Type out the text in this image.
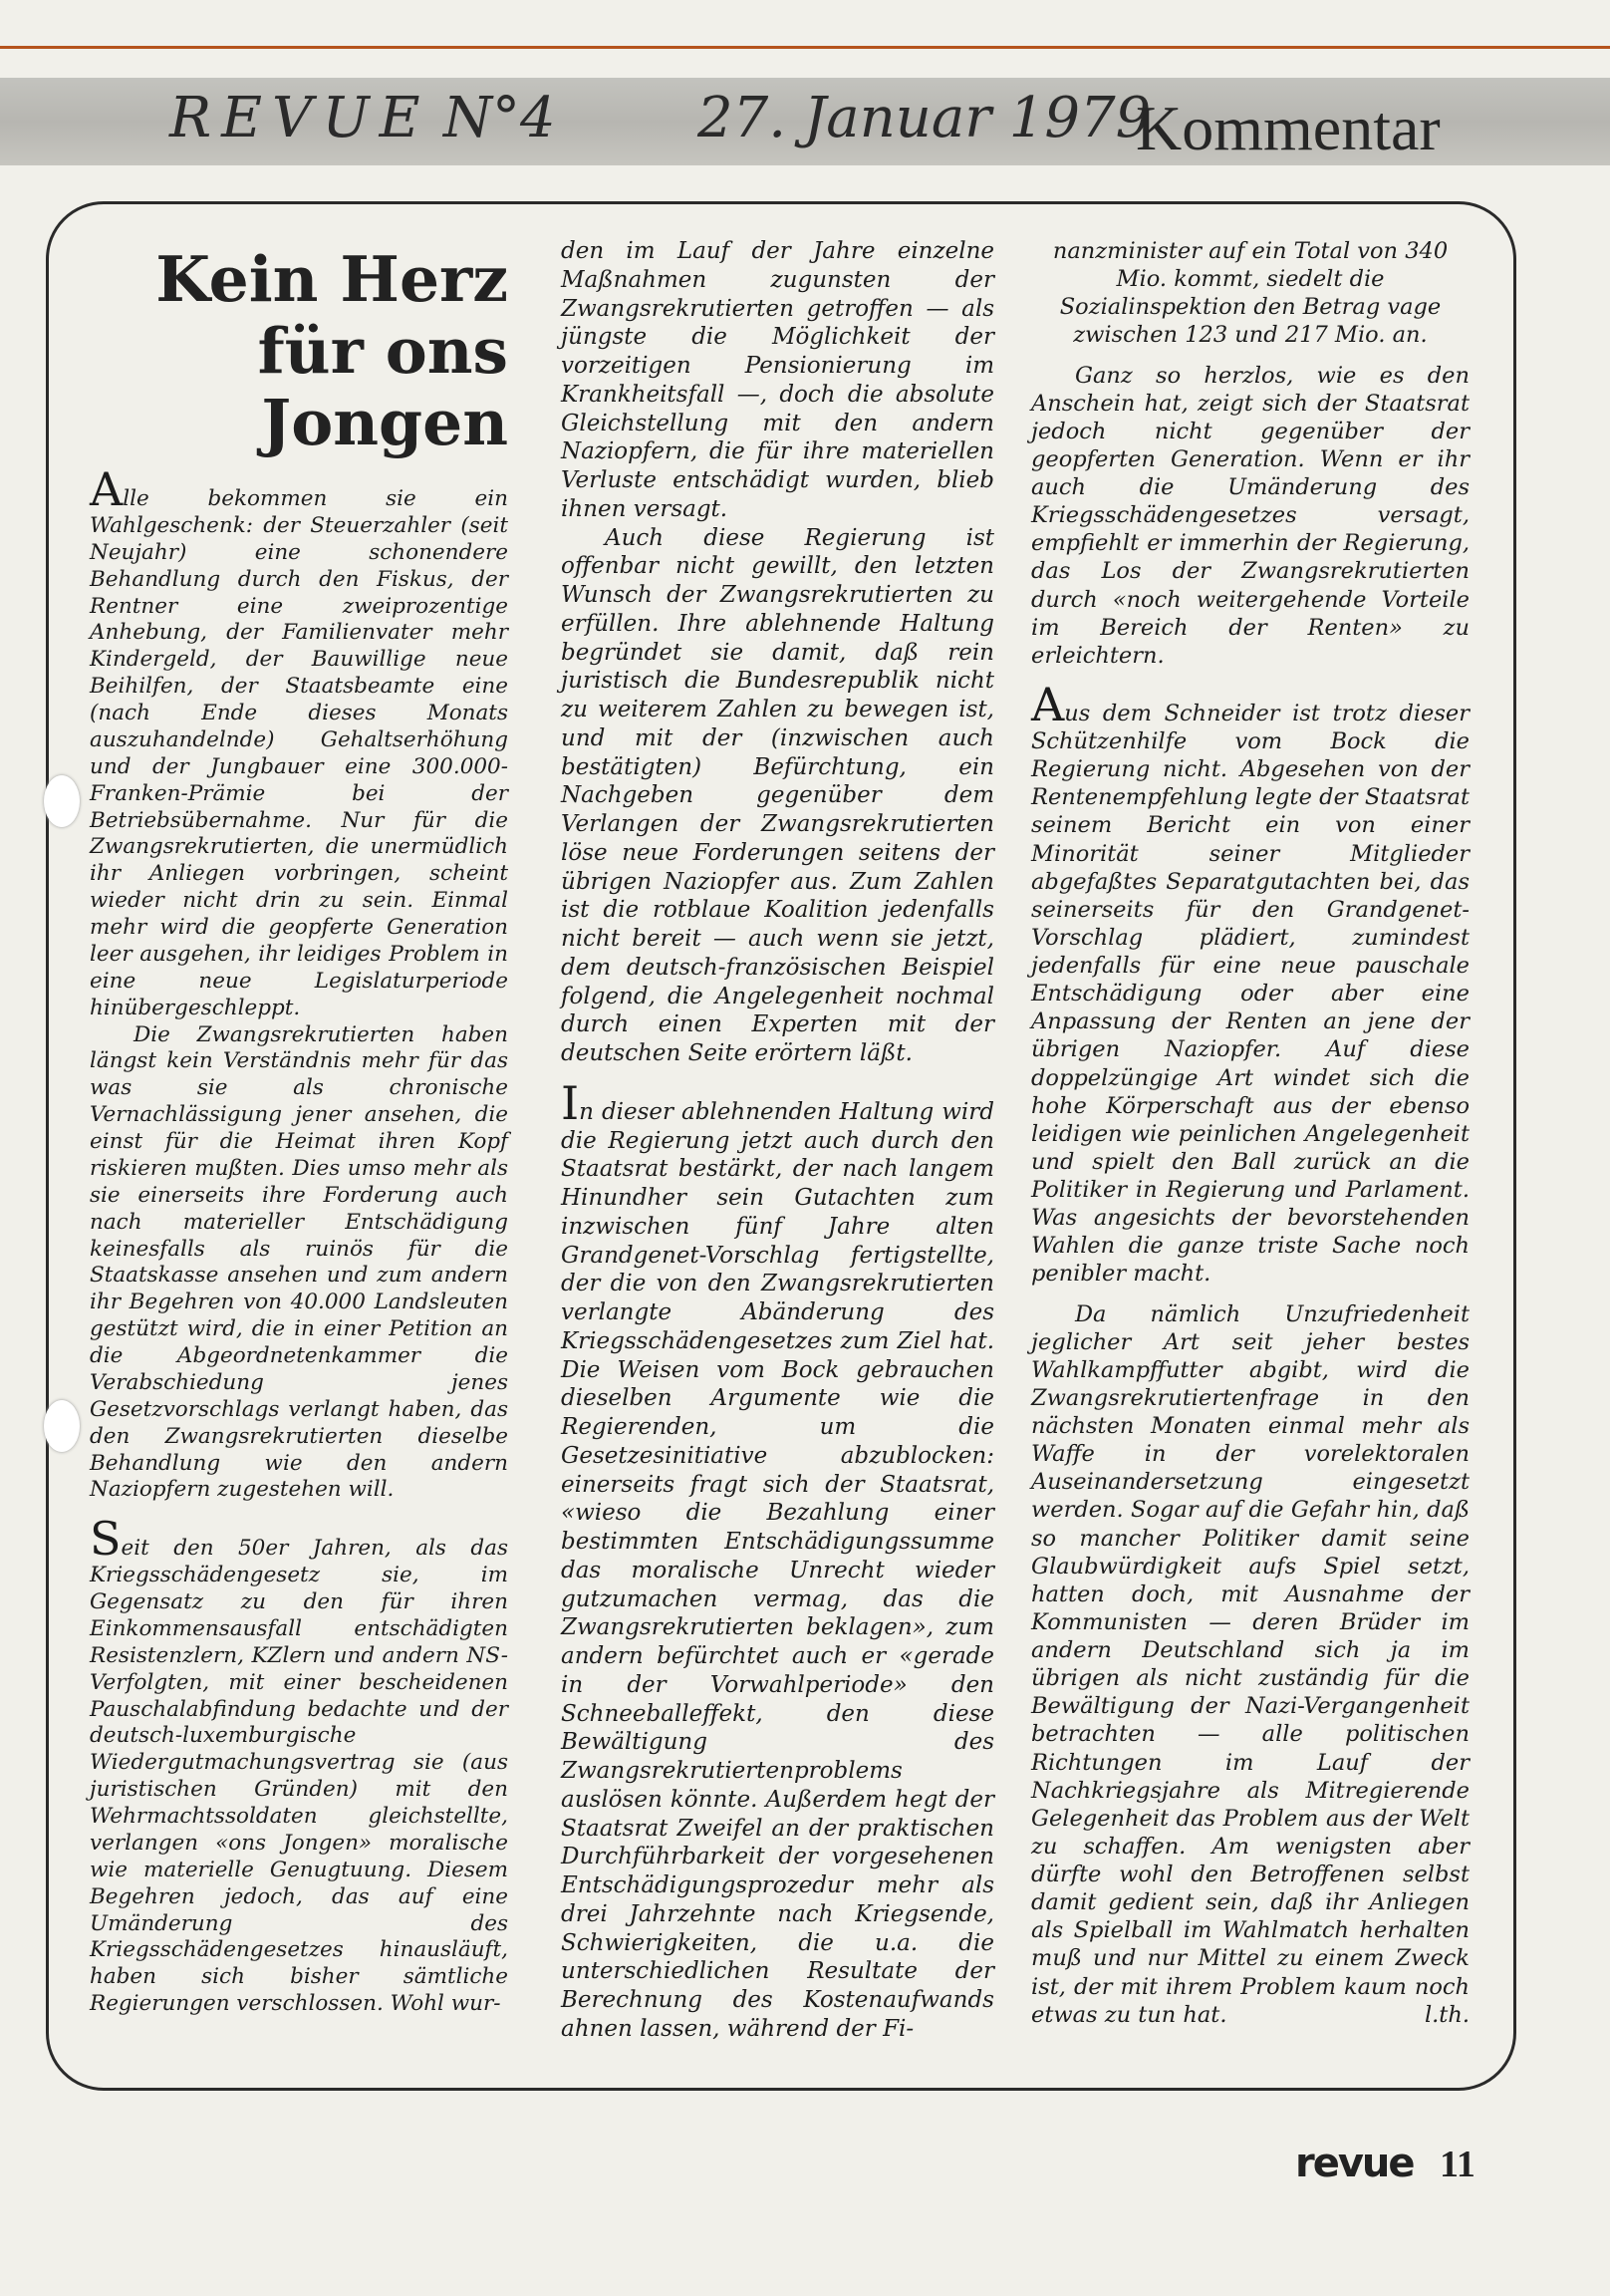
REVUE N°4	27. Januar 1979
Kommentar
Kein Herz
für ons Jongen

Alle bekommen sie ein Wahlgeschenk: der Steuerzahler (seit Neujahr) eine schonendere Behandlung durch den Fiskus, der Rentner eine zweiprozentige Anhebung, der Familienvater mehr Kindergeld, der Bauwillige neue Beihilfen, der Staatsbeamte eine (nach Ende dieses Monats auszuhandelnde) Gehaltserhöhung und der Jungbauer eine 300.000-Franken-Prämie bei der Betriebsübernahme. Nur für die Zwangsrekrutierten, die unermüdlich ihr Anliegen vorbringen, scheint wieder nicht drin zu sein. Einmal mehr wird die geopferte Generation leer ausgehen, ihr leidiges Problem in eine neue Legislaturperiode hinübergeschleppt.

Die Zwangsrekrutierten haben längst kein Verständnis mehr für das was sie als chronische Vernachlässigung jener ansehen, die einst für die Heimat ihren Kopf riskieren mußten. Dies umso mehr als sie einerseits ihre Forderung auch nach materieller Entschädigung keinesfalls als ruinös für die Staatskasse ansehen und zum andern ihr Begehren von 40.000 Landsleuten gestützt wird, die in einer Petition an die Abgeordnetenkammer die Verabschiedung jenes Gesetzvorschlags verlangt haben, das den Zwangsrekrutierten dieselbe Behandlung wie den andern Naziopfern zugestehen will.

Seit den 50er Jahren, als das Kriegsschädengesetz sie, im Gegensatz zu den für ihren Einkommensausfall entschädigten Resistenzlern, KZlern und andern NS-Verfolgten, mit einer bescheidenen Pauschalabfindung bedachte und der deutsch-luxemburgische Wiedergutmachungsvertrag sie (aus juristischen Gründen) mit den Wehrmachtssoldaten gleichstellte, verlangen «ons Jongen» moralische wie materielle Genugtuung. Diesem Begehren jedoch, das auf eine Umänderung des Kriegsschädengesetzes hinausläuft, haben sich bisher sämtliche Regierungen verschlossen. Wohl wur-

den im Lauf der Jahre einzelne Maßnahmen zugunsten der Zwangsrekrutierten getroffen — als jüngste die Möglichkeit der vorzeitigen Pensionierung im Krankheitsfall —, doch die absolute Gleichstellung mit den andern Naziopfern, die für ihre materiellen Verluste entschädigt wurden, blieb ihnen versagt.

Auch diese Regierung ist offenbar nicht gewillt, den letzten Wunsch der Zwangsrekrutierten zu erfüllen. Ihre ablehnende Haltung begründet sie damit, daß rein juristisch die Bundesrepublik nicht zu weiterem Zahlen zu bewegen ist, und mit der (inzwischen auch bestätigten) Befürchtung, ein Nachgeben gegenüber dem Verlangen der Zwangsrekrutierten löse neue Forderungen seitens der übrigen Naziopfer aus. Zum Zahlen ist die rotblaue Koalition jedenfalls nicht bereit — auch wenn sie jetzt, dem deutsch-französischen Beispiel folgend, die Angelegenheit nochmal durch einen Experten mit der deutschen Seite erörtern läßt.

In dieser ablehnenden Haltung wird die Regierung jetzt auch durch den Staatsrat bestärkt, der nach langem Hinundher sein Gutachten zum inzwischen fünf Jahre alten Grandgenet-Vorschlag fertigstellte, der die von den Zwangsrekrutierten verlangte Abänderung des Kriegsschädengesetzes zum Ziel hat. Die Weisen vom Bock gebrauchen dieselben Argumente wie die Regierenden, um die Gesetzesinitiative abzublocken: einerseits fragt sich der Staatsrat, «wieso die Bezahlung einer bestimmten Entschädigungssumme das moralische Unrecht wieder gutzumachen vermag, das die Zwangsrekrutierten beklagen», zum andern befürchtet auch er «gerade in der Vorwahlperiode» den Schneeballeffekt, den diese Bewältigung des Zwangsrekrutiertenproblems auslösen könnte. Außerdem hegt der Staatsrat Zweifel an der praktischen Durchführbarkeit der vorgesehenen Entschädigungsprozedur mehr als drei Jahrzehnte nach Kriegsende, Schwierigkeiten, die u.a. die unterschiedlichen Resultate der Berechnung des Kostenaufwands ahnen lassen, während der Fi-

nanzminister auf ein Total von 340 Mio. kommt, siedelt die Sozialinspektion den Betrag vage zwischen 123 und 217 Mio. an.

Ganz so herzlos, wie es den Anschein hat, zeigt sich der Staatsrat jedoch nicht gegenüber der geopferten Generation. Wenn er ihr auch die Umänderung des Kriegsschädengesetzes versagt, empfiehlt er immerhin der Regierung, das Los der Zwangsrekrutierten durch «noch weitergehende Vorteile im Bereich der Renten» zu erleichtern.

Aus dem Schneider ist trotz dieser Schützenhilfe vom Bock die Regierung nicht. Abgesehen von der Rentenempfehlung legte der Staatsrat seinem Bericht ein von einer Minorität seiner Mitglieder abgefaßtes Separatgutachten bei, das seinerseits für den Grandgenet-Vorschlag plädiert, zumindest jedenfalls für eine neue pauschale Entschädigung oder aber eine Anpassung der Renten an jene der übrigen Naziopfer. Auf diese doppelzüngige Art windet sich die hohe Körperschaft aus der ebenso leidigen wie peinlichen Angelegenheit und spielt den Ball zurück an die Politiker in Regierung und Parlament. Was angesichts der bevorstehenden Wahlen die ganze triste Sache noch penibler macht.

Da nämlich Unzufriedenheit jeglicher Art seit jeher bestes Wahlkampffutter abgibt, wird die Zwangsrekrutiertenfrage in den nächsten Monaten einmal mehr als Waffe in der vorelektoralen Auseinandersetzung eingesetzt werden. Sogar auf die Gefahr hin, daß so mancher Politiker damit seine Glaubwürdigkeit aufs Spiel setzt, hatten doch, mit Ausnahme der Kommunisten — deren Brüder im andern Deutschland sich ja im übrigen als nicht zuständig für die Bewältigung der Nazi-Vergangenheit betrachten — alle politischen Richtungen im Lauf der Nachkriegsjahre als Mitregierende Gelegenheit das Problem aus der Welt zu schaffen. Am wenigsten aber dürfte wohl den Betroffenen selbst damit gedient sein, daß ihr Anliegen als Spielball im Wahlmatch herhalten muß und nur Mittel zu einem Zweck ist, der mit ihrem Problem kaum noch etwas zu tun hat.	l.th.

revue 11
